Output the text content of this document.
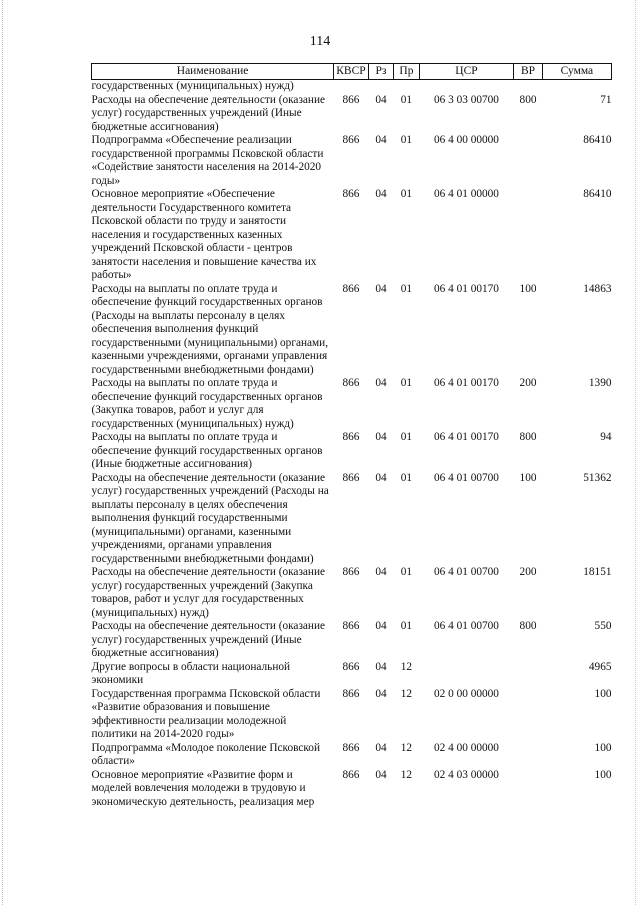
114
Наименование	КВСР	Рз	Пр	ЦСР	ВР	Сумма
государственных (муниципальных) нужд)						
Расходы на обеспечение деятельности (оказание услуг) государственных учреждений (Иные бюджетные ассигнования)	866	04	01	06 3 03 00700	800	71
Подпрограмма «Обеспечение реализации государственной программы Псковской области «Содействие занятости населения на 2014-2020 годы»	866	04	01	06 4 00 00000		86410
Основное мероприятие «Обеспечение деятельности Государственного комитета Псковской области по труду и занятости населения и государственных казенных учреждений Псковской области - центров занятости населения и повышение качества их работы»	866	04	01	06 4 01 00000		86410
Расходы на выплаты по оплате труда и обеспечение функций государственных органов (Расходы на выплаты персоналу в целях обеспечения выполнения функций государственными (муниципальными) органами, казенными учреждениями, органами управления государственными внебюджетными фондами)	866	04	01	06 4 01 00170	100	14863
Расходы на выплаты по оплате труда и обеспечение функций государственных органов (Закупка товаров, работ и услуг для государственных (муниципальных) нужд)	866	04	01	06 4 01 00170	200	1390
Расходы на выплаты по оплате труда и обеспечение функций государственных органов (Иные бюджетные ассигнования)	866	04	01	06 4 01 00170	800	94
Расходы на обеспечение деятельности (оказание услуг) государственных учреждений (Расходы на выплаты персоналу в целях обеспечения выполнения функций государственными (муниципальными) органами, казенными учреждениями, органами управления государственными внебюджетными фондами)	866	04	01	06 4 01 00700	100	51362
Расходы на обеспечение деятельности (оказание услуг) государственных учреждений (Закупка товаров, работ и услуг для государственных (муниципальных) нужд)	866	04	01	06 4 01 00700	200	18151
Расходы на обеспечение деятельности (оказание услуг) государственных учреждений (Иные бюджетные ассигнования)	866	04	01	06 4 01 00700	800	550
Другие вопросы в области национальной экономики	866	04	12			4965
Государственная программа Псковской области «Развитие образования и повышение эффективности реализации молодежной политики на 2014-2020 годы»	866	04	12	02 0 00 00000		100
Подпрограмма «Молодое поколение Псковской области»	866	04	12	02 4 00 00000		100
Основное мероприятие «Развитие форм и моделей вовлечения молодежи в трудовую и экономическую деятельность, реализация мер	866	04	12	02 4 03 00000		100
